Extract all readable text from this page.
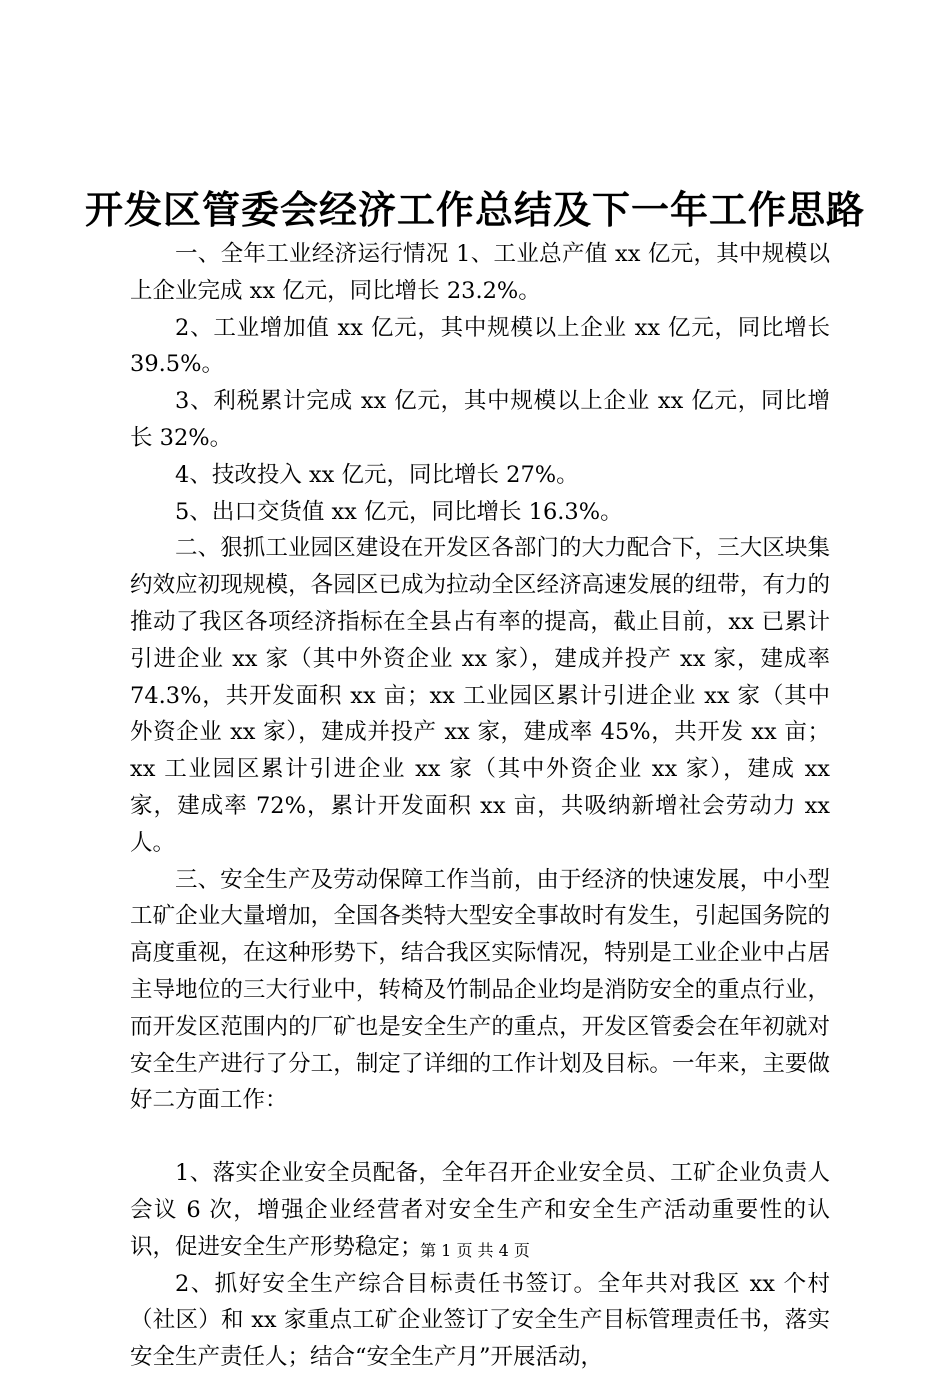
开发区管委会经济工作总结及下一年工作思路

一、全年工业经济运行情况 1、工业总产值 xx 亿元，其中规模以上企业完成 xx 亿元，同比增长 23.2%。

2、工业增加值 xx 亿元，其中规模以上企业 xx 亿元，同比增长 39.5%。

3、利税累计完成 xx 亿元，其中规模以上企业 xx 亿元，同比增长 32%。

4、技改投入 xx 亿元，同比增长 27%。

5、出口交货值 xx 亿元，同比增长 16.3%。

二、狠抓工业园区建设在开发区各部门的大力配合下，三大区块集约效应初现规模，各园区已成为拉动全区经济高速发展的纽带，有力的推动了我区各项经济指标在全县占有率的提高，截止目前，xx 已累计引进企业 xx 家（其中外资企业 xx 家），建成并投产 xx 家，建成率 74.3%，共开发面积 xx 亩；xx 工业园区累计引进企业 xx 家（其中外资企业 xx 家），建成并投产 xx 家，建成率 45%，共开发 xx 亩；xx 工业园区累计引进企业 xx 家（其中外资企业 xx 家），建成 xx 家，建成率 72%，累计开发面积 xx 亩，共吸纳新增社会劳动力 xx 人。

三、安全生产及劳动保障工作当前，由于经济的快速发展，中小型工矿企业大量增加，全国各类特大型安全事故时有发生，引起国务院的高度重视，在这种形势下，结合我区实际情况，特别是工业企业中占居主导地位的三大行业中，转椅及竹制品企业均是消防安全的重点行业，而开发区范围内的厂矿也是安全生产的重点，开发区管委会在年初就对安全生产进行了分工，制定了详细的工作计划及目标。一年来，主要做好二方面工作：

1、落实企业安全员配备，全年召开企业安全员、工矿企业负责人会议 6 次，增强企业经营者对安全生产和安全生产活动重要性的认识，促进安全生产形势稳定；

2、抓好安全生产综合目标责任书签订。全年共对我区 xx 个村（社区）和 xx 家重点工矿企业签订了安全生产目标管理责任书，落实安全生产责任人；结合“安全生产月”开展活动，

第 1 页 共 4 页
